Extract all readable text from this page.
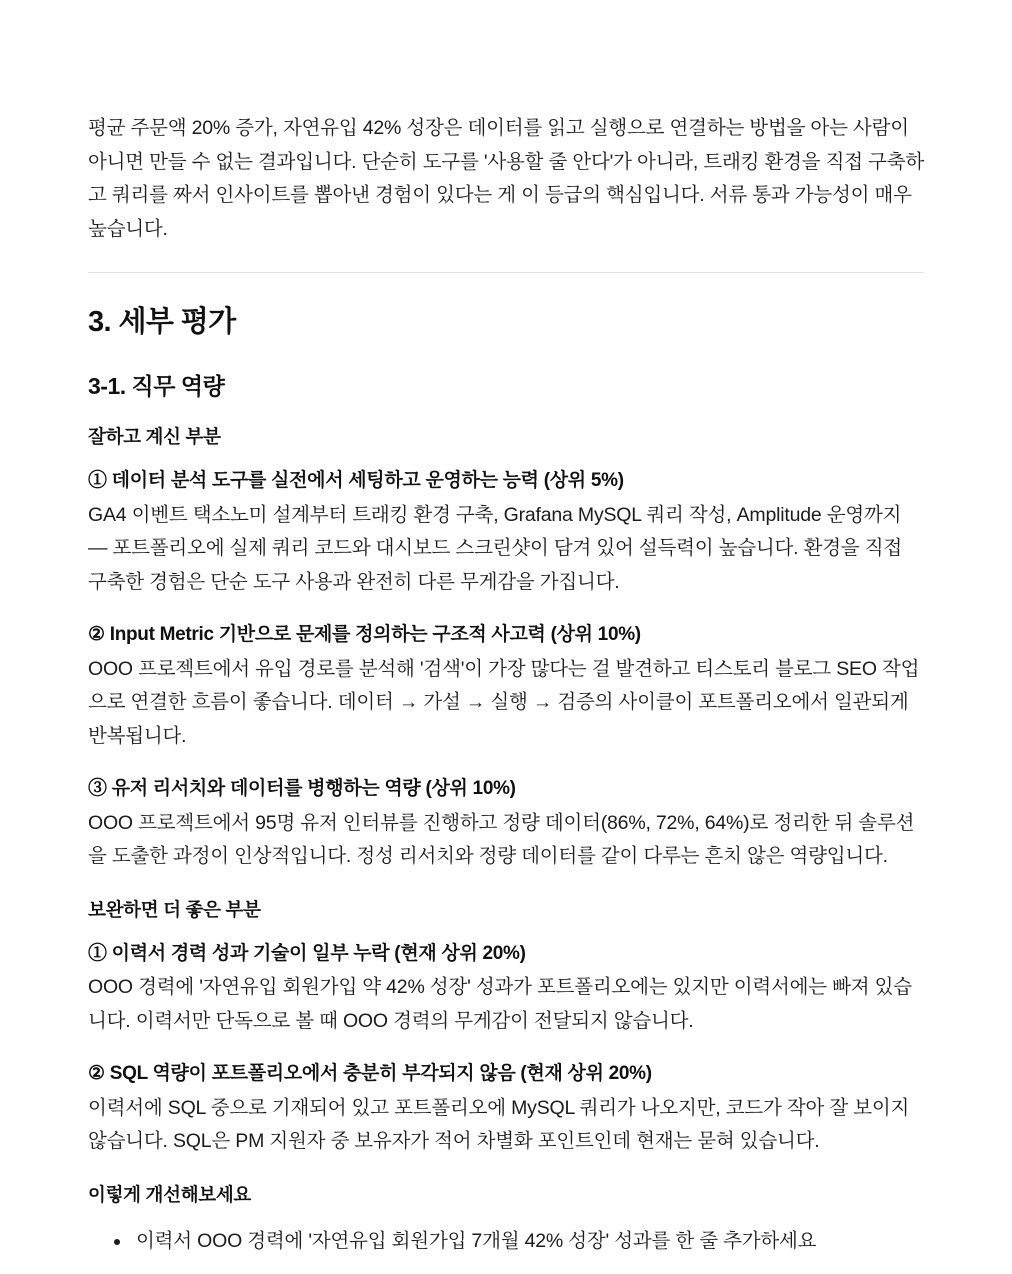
평균 주문액 20% 증가, 자연유입 42% 성장은 데이터를 읽고 실행으로 연결하는 방법을 아는 사람이 아니면 만들 수 없는 결과입니다. 단순히 도구를 '사용할 줄 안다'가 아니라, 트래킹 환경을 직접 구축하고 쿼리를 짜서 인사이트를 뽑아낸 경험이 있다는 게 이 등급의 핵심입니다. 서류 통과 가능성이 매우 높습니다.

3. 세부 평가
3-1. 직무 역량
잘하고 계신 부분
① 데이터 분석 도구를 실전에서 세팅하고 운영하는 능력 (상위 5%)
GA4 이벤트 택소노미 설계부터 트래킹 환경 구축, Grafana MySQL 쿼리 작성, Amplitude 운영까지 — 포트폴리오에 실제 쿼리 코드와 대시보드 스크린샷이 담겨 있어 설득력이 높습니다. 환경을 직접 구축한 경험은 단순 도구 사용과 완전히 다른 무게감을 가집니다.
② Input Metric 기반으로 문제를 정의하는 구조적 사고력 (상위 10%)
OOO 프로젝트에서 유입 경로를 분석해 '검색'이 가장 많다는 걸 발견하고 티스토리 블로그 SEO 작업으로 연결한 흐름이 좋습니다. 데이터 → 가설 → 실행 → 검증의 사이클이 포트폴리오에서 일관되게 반복됩니다.
③ 유저 리서치와 데이터를 병행하는 역량 (상위 10%)
OOO 프로젝트에서 95명 유저 인터뷰를 진행하고 정량 데이터(86%, 72%, 64%)로 정리한 뒤 솔루션을 도출한 과정이 인상적입니다. 정성 리서치와 정량 데이터를 같이 다루는 흔치 않은 역량입니다.
보완하면 더 좋은 부분
① 이력서 경력 성과 기술이 일부 누락 (현재 상위 20%)
OOO 경력에 '자연유입 회원가입 약 42% 성장' 성과가 포트폴리오에는 있지만 이력서에는 빠져 있습니다. 이력서만 단독으로 볼 때 OOO 경력의 무게감이 전달되지 않습니다.
② SQL 역량이 포트폴리오에서 충분히 부각되지 않음 (현재 상위 20%)
이력서에 SQL 중으로 기재되어 있고 포트폴리오에 MySQL 쿼리가 나오지만, 코드가 작아 잘 보이지 않습니다. SQL은 PM 지원자 중 보유자가 적어 차별화 포인트인데 현재는 묻혀 있습니다.
이렇게 개선해보세요
이력서 OOO 경력에 '자연유입 회원가입 7개월 42% 성장' 성과를 한 줄 추가하세요
